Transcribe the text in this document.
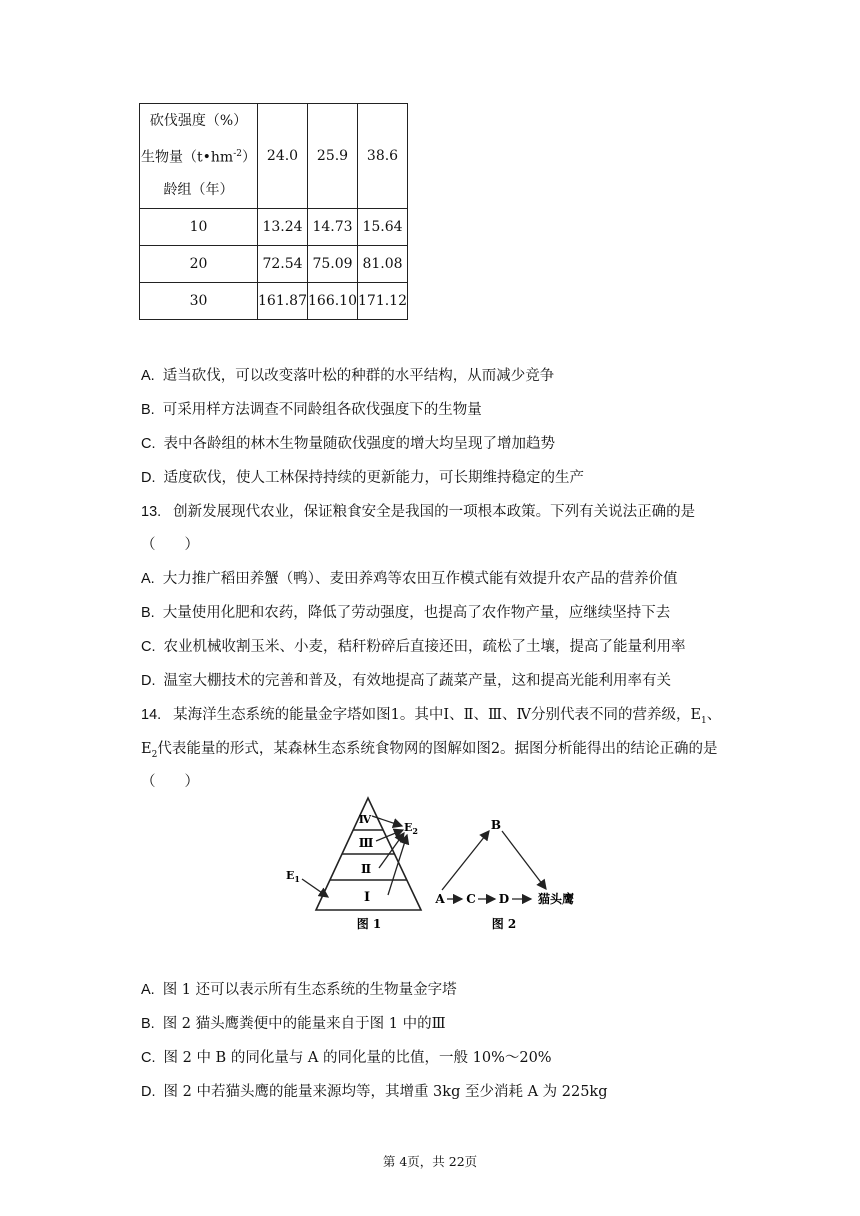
砍伐强度（%）
生物量$(t•hm^{-2})$
龄组（年）	24.0	25.9	38.6
10	13.24	14.73	15.64
20	72.54	75.09	81.08
30	161.87	166.10	171.12
A. 适当砍伐，可以改变落叶松的种群的水平结构，从而减少竞争
B. 可采用样方法调查不同龄组各砍伐强度下的生物量
C. 表中各龄组的林木生物量随砍伐强度的增大均呈现了增加趋势
D. 适度砍伐，使人工林保持持续的更新能力，可长期维持稳定的生产
13. 创新发展现代农业，保证粮食安全是我国的一项根本政策。下列有关说法正确的是
（　　）
A. 大力推广稻田养蟹（鸭）、麦田养鸡等农田互作模式能有效提升农产品的营养价值
B. 大量使用化肥和农药，降低了劳动强度，也提高了农作物产量，应继续坚持下去
C. 农业机械收割玉米、小麦，秸秆粉碎后直接还田，疏松了土壤，提高了能量利用率
D. 温室大棚技术的完善和普及，有效地提高了蔬菜产量，这和提高光能利用率有关
14. 某海洋生态系统的能量金字塔如图1。其中Ⅰ、Ⅱ、Ⅲ、Ⅳ分别代表不同的营养级，$E_1$、
$E_2$代表能量的形式，某森林生态系统食物网的图解如图2。据图分析能得出的结论正确的是
（　　）
Ⅳ
Ⅲ
Ⅱ
Ⅰ
$E_1$
$E_2$
图 1
B
A C D 猫头鹰
图 2
A. 图 1 还可以表示所有生态系统的生物量金字塔
B. 图 2 猫头鹰粪便中的能量来自于图 1 中的Ⅲ
C. 图 2 中 B 的同化量与 A 的同化量的比值，一般 10%～20%
D. 图 2 中若猫头鹰的能量来源均等，其增重 3kg 至少消耗 A 为 225kg
第 4页，共 22页
